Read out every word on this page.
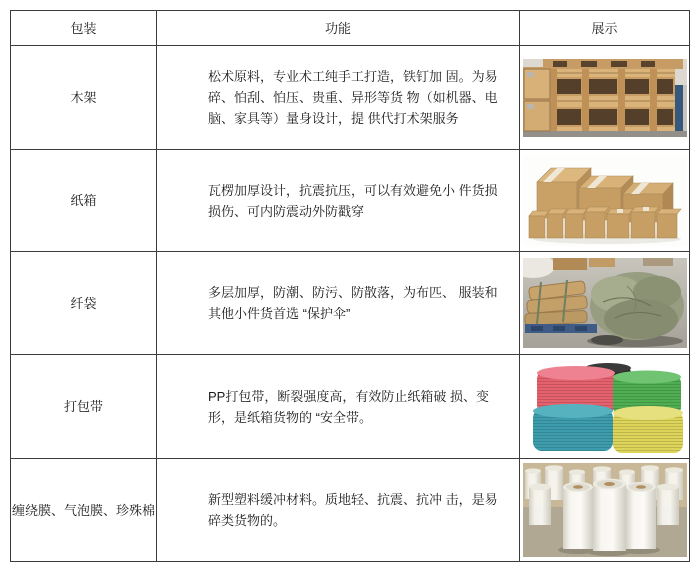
包装	功能	展示
木架	松术原料，专业术工纯手工打造，铁钉加 固。为易碎、怕刮、怕压、贵重、异形等货 物（如机器、电脑、家具等）量身设计，提 供代打术架服务	

纸箱	瓦楞加厚设计，抗震抗压，可以有效避免小 件货损损伤、可内防震动外防戳穿	

纤袋	多层加厚，防潮、防污、防散落，为布匹、 服装和其他小件货首选 “保护伞”	

打包带	PP打包带，断裂强度高，有效防止纸箱破 损、变形，是纸箱货物的 “安全带。	

缠绕膜、气泡膜、珍殊棉	新型塑料缓冲材料。质地轻、抗震、抗冲 击，是易碎类货物的。	
